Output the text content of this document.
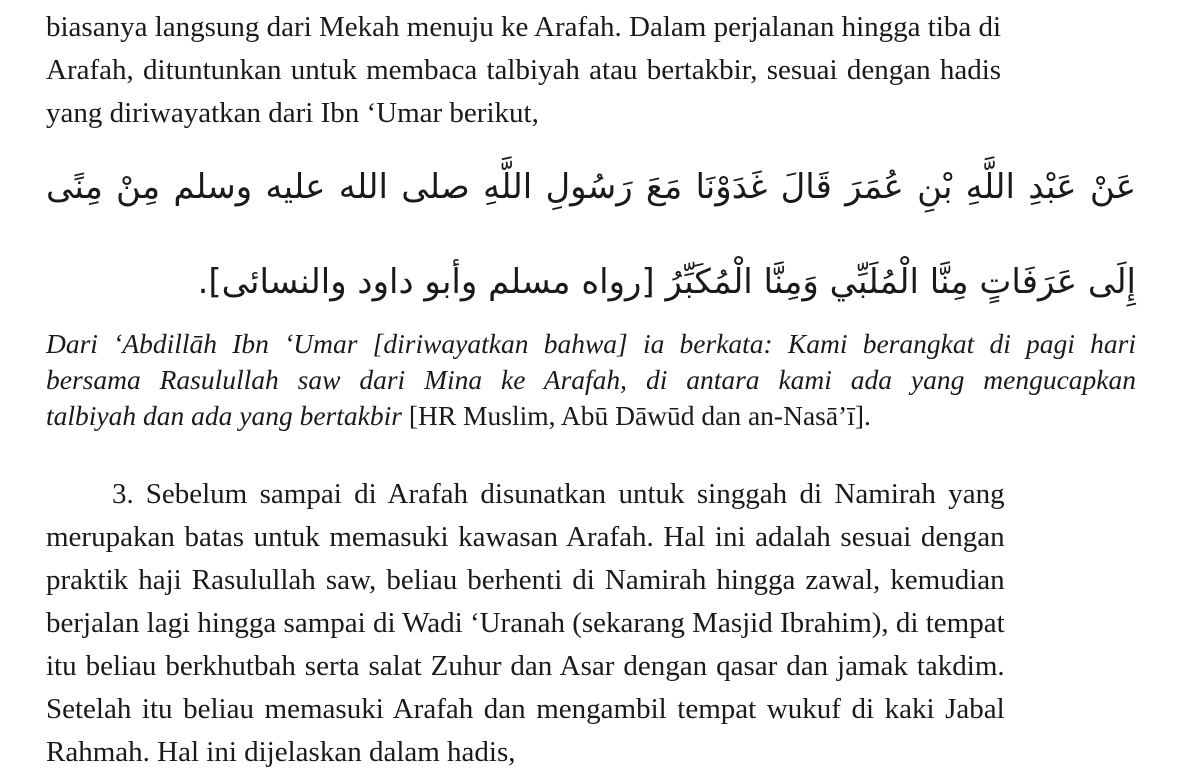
biasanya langsung dari Mekah menuju ke Arafah. Dalam perjalanan hingga tiba di
Arafah, dituntunkan untuk membaca talbiyah atau bertakbir, sesuai dengan hadis
yang diriwayatkan dari Ibn ‘Umar berikut,

عَنْ عَبْدِ اللَّهِ بْنِ عُمَرَ قَالَ غَدَوْنَا مَعَ رَسُولِ اللَّهِ صلى الله عليه وسلم مِنْ مِنًى
إِلَى عَرَفَاتٍ مِنَّا الْمُلَبِّي وَمِنَّا الْمُكَبِّرُ [رواه مسلم وأبو داود والنسائى].
Dari ‘Abdillāh Ibn ‘Umar [diriwayatkan bahwa] ia berkata: Kami berangkat di pagi hari
bersama Rasulullah saw dari Mina ke Arafah, di antara kami ada yang mengucapkan
talbiyah dan ada yang bertakbir [HR Muslim, Abū Dāwūd dan an-Nasā’ī].

3. Sebelum sampai di Arafah disunatkan untuk singgah di Namirah yang
merupakan batas untuk memasuki kawasan Arafah. Hal ini adalah sesuai dengan
praktik haji Rasulullah saw, beliau berhenti di Namirah hingga zawal, kemudian
berjalan lagi hingga sampai di Wadi ‘Uranah (sekarang Masjid Ibrahim), di tempat
itu beliau berkhutbah serta salat Zuhur dan Asar dengan qasar dan jamak takdim.
Setelah itu beliau memasuki Arafah dan mengambil tempat wukuf di kaki Jabal
Rahmah. Hal ini dijelaskan dalam hadis,
